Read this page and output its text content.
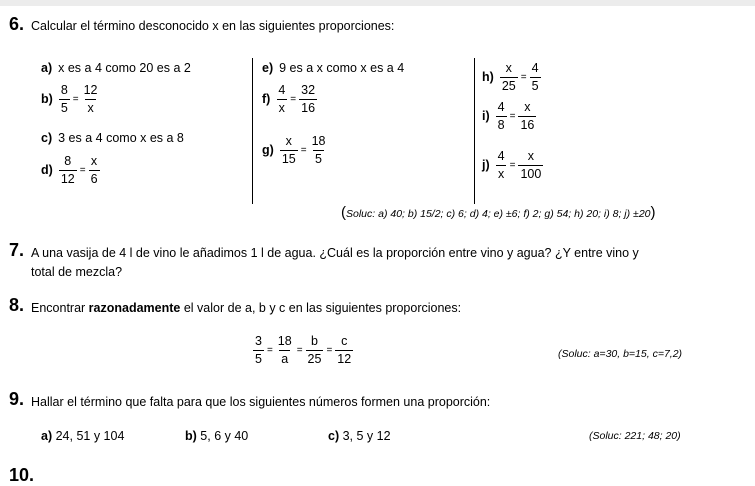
6. Calcular el término desconocido x en las siguientes proporciones:
a) x es a 4 como 20 es a 2
$b) \frac{8}{5} = \frac{12}{x}$
c) 3 es a 4 como x es a 8
$d) \frac{8}{12} = \frac{x}{6}$
e) 9 es a x como x es a 4
$f) \frac{4}{x} = \frac{32}{16}$
$g) \frac{x}{15} = \frac{18}{5}$
$h) \frac{x}{25} = \frac{4}{5}$
$i) \frac{4}{8} = \frac{x}{16}$
$j) \frac{4}{x} = \frac{x}{100}$
(Soluc: a) 40; b) 15/2; c) 6; d) 4; e) ±6; f) 2; g) 54; h) 20; i) 8; j) ±20)
7. A una vasija de 4 l de vino le añadimos 1 l de agua. ¿Cuál es la proporción entre vino y agua? ¿Y entre vino y
total de mezcla?
8. Encontrar razonadamente el valor de a, b y c en las siguientes proporciones:
$\frac{3}{5} = \frac{18}{a} = \frac{b}{25} = \frac{c}{12}$	(Soluc: a=30, b=15, c=7,2)
9. Hallar el término que falta para que los siguientes números formen una proporción:
a) 24, 51 y 104	b) 5, 6 y 40	c) 3, 5 y 12	(Soluc: 221; 48; 20)
10.
